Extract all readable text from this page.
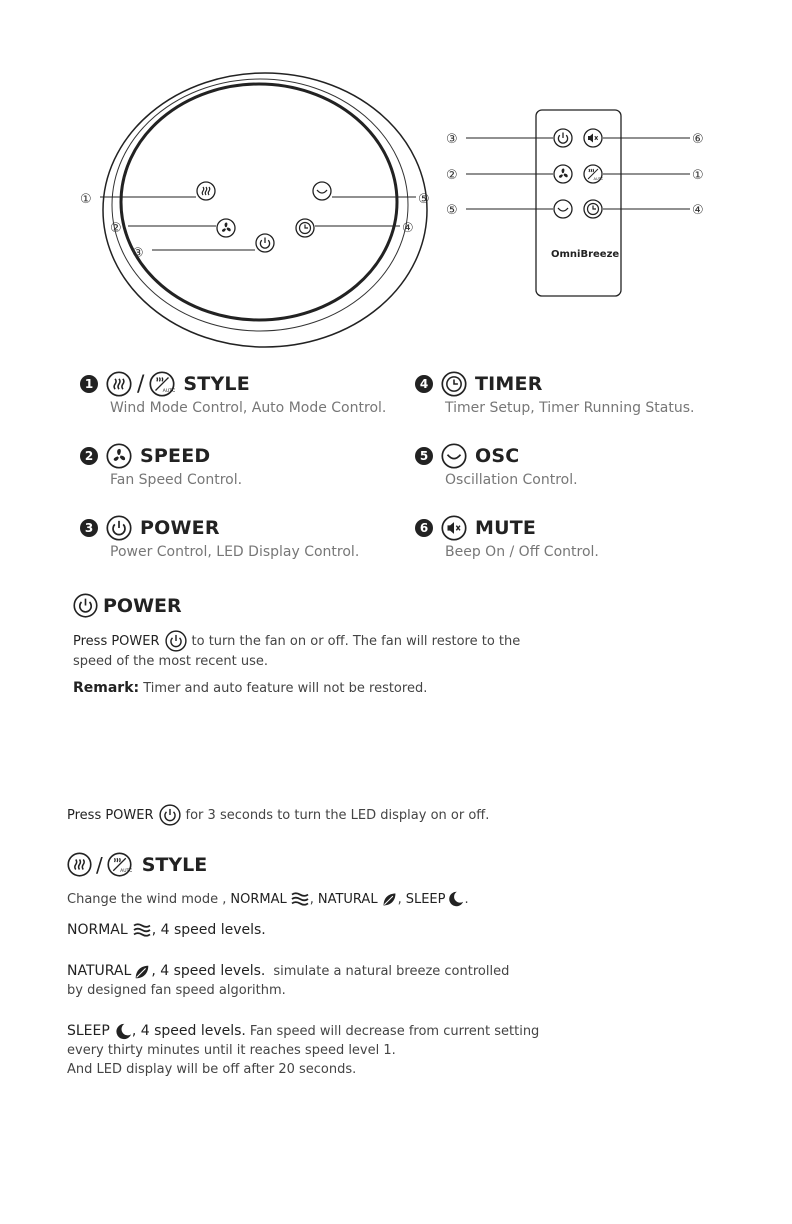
①
②
③
④
⑤
OmniBreeze
③
②
⑤
⑥
①
④
1 / STYLE
Wind Mode Control, Auto Mode Control.
2 SPEED
Fan Speed Control.
3 POWER
Power Control, LED Display Control.
4 TIMER
Timer Setup, Timer Running Status.
5 OSC
Oscillation Control.
6 MUTE
Beep On / Off Control.
POWER
Press POWER to turn the fan on or off. The fan will restore to the
speed of the most recent use.
Remark: Timer and auto feature will not be restored.
Press POWER for 3 seconds to turn the LED display on or off.
/ STYLE
Change the wind mode , NORMAL , NATURAL , SLEEP .
NORMAL , 4 speed levels.
NATURAL , 4 speed levels. simulate a natural breeze controlled
by designed fan speed algorithm.
SLEEP , 4 speed levels. Fan speed will decrease from current setting
every thirty minutes until it reaches speed level 1.
And LED display will be off after 20 seconds.
